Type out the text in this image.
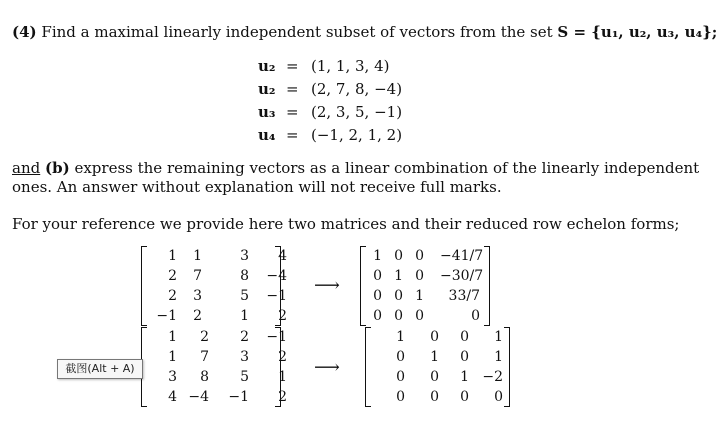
(4) Find a maximal linearly independent subset of vectors from the set S = {u₁, u₂, u₃, u₄};
u₂ = (1, 1, 3, 4)
u₂ = (2, 7, 8, −4)
u₃ = (2, 3, 5, −1)
u₄ = (−1, 2, 1, 2)
and (b) express the remaining vectors as a linear combination of the linearly independent
ones. An answer without explanation will not receive full marks.
For your reference we provide here two matrices and their reduced row echelon forms;
1	1	3	4
2	7	8	−4
2	3	5	−1
−1	2	1	2
⟶
1 0 0 −41/7
0 1 0 −30/7
0 0 1	33/7
0 0 0	0
1	2	2	−1
1	7	3	2
3	8	5	1
4 −4 −1	2
⟶
1	0	0	1
0	1	0	1
0	0	1 −2
0	0	0	0
截图(Alt + A)
